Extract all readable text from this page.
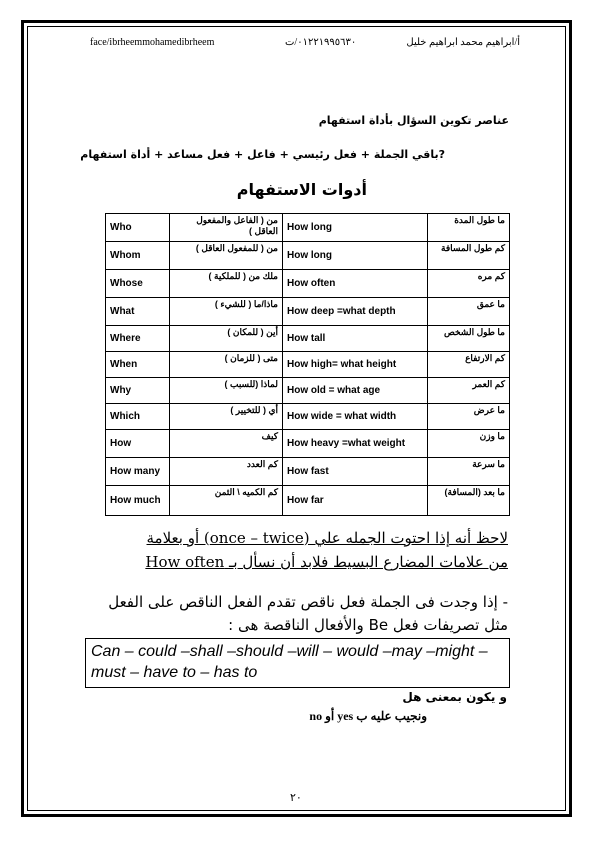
face/ibrheemmohamedibrheem	٠١٢٢١٩٩٥٦٣٠/ت	أ/ابراهيم محمد ابراهيم خليل
عناصر تكوين السؤال بأداة استفهام
?باقي الجملة + فعل رئيسي + فاعل + فعل مساعد + أداة استفهام
أدوات الاستفهام
Who	من ( الفاعل والمفعول العاقل )	How long	ما طول المدة
Whom	من ( للمفعول العاقل )	How long	كم طول المسافة
Whose	ملك من ( للملكية )	How often	كم مره
What	ماذا/ما ( للشيء )	How deep =what depth	ما عمق
Where	أين ( للمكان )	How tall	ما طول الشخص
When	متى ( للزمان )	How high= what height	كم الارتفاع
Why	لماذا (للسبب )	How old = what age	كم العمر
Which	أي ( للتخيير )	How wide = what width	ما عرض
How	كيف	How heavy =what weight	ما وزن
How many	كم العدد	How fast	ما سرعة
How much	كم الكميه \ الثمن	How far	ما بعد (المسافة)
لاحظ أنه إذا احتوت الجمله علي (once – twice) أو بعلامة
من علامات المضارع البسيط فلابد أن نسأل بـ How often
- إذا وجدت فى الجملة فعل ناقص تقدم الفعل الناقص على الفعل
مثل تصريفات فعل Be والأفعال الناقصة هى :
Can – could –shall –should –will – would –may –might – must – have to – has to
و يكون بمعنى هل
ونجيب عليه ب yes أو no
٢٠
